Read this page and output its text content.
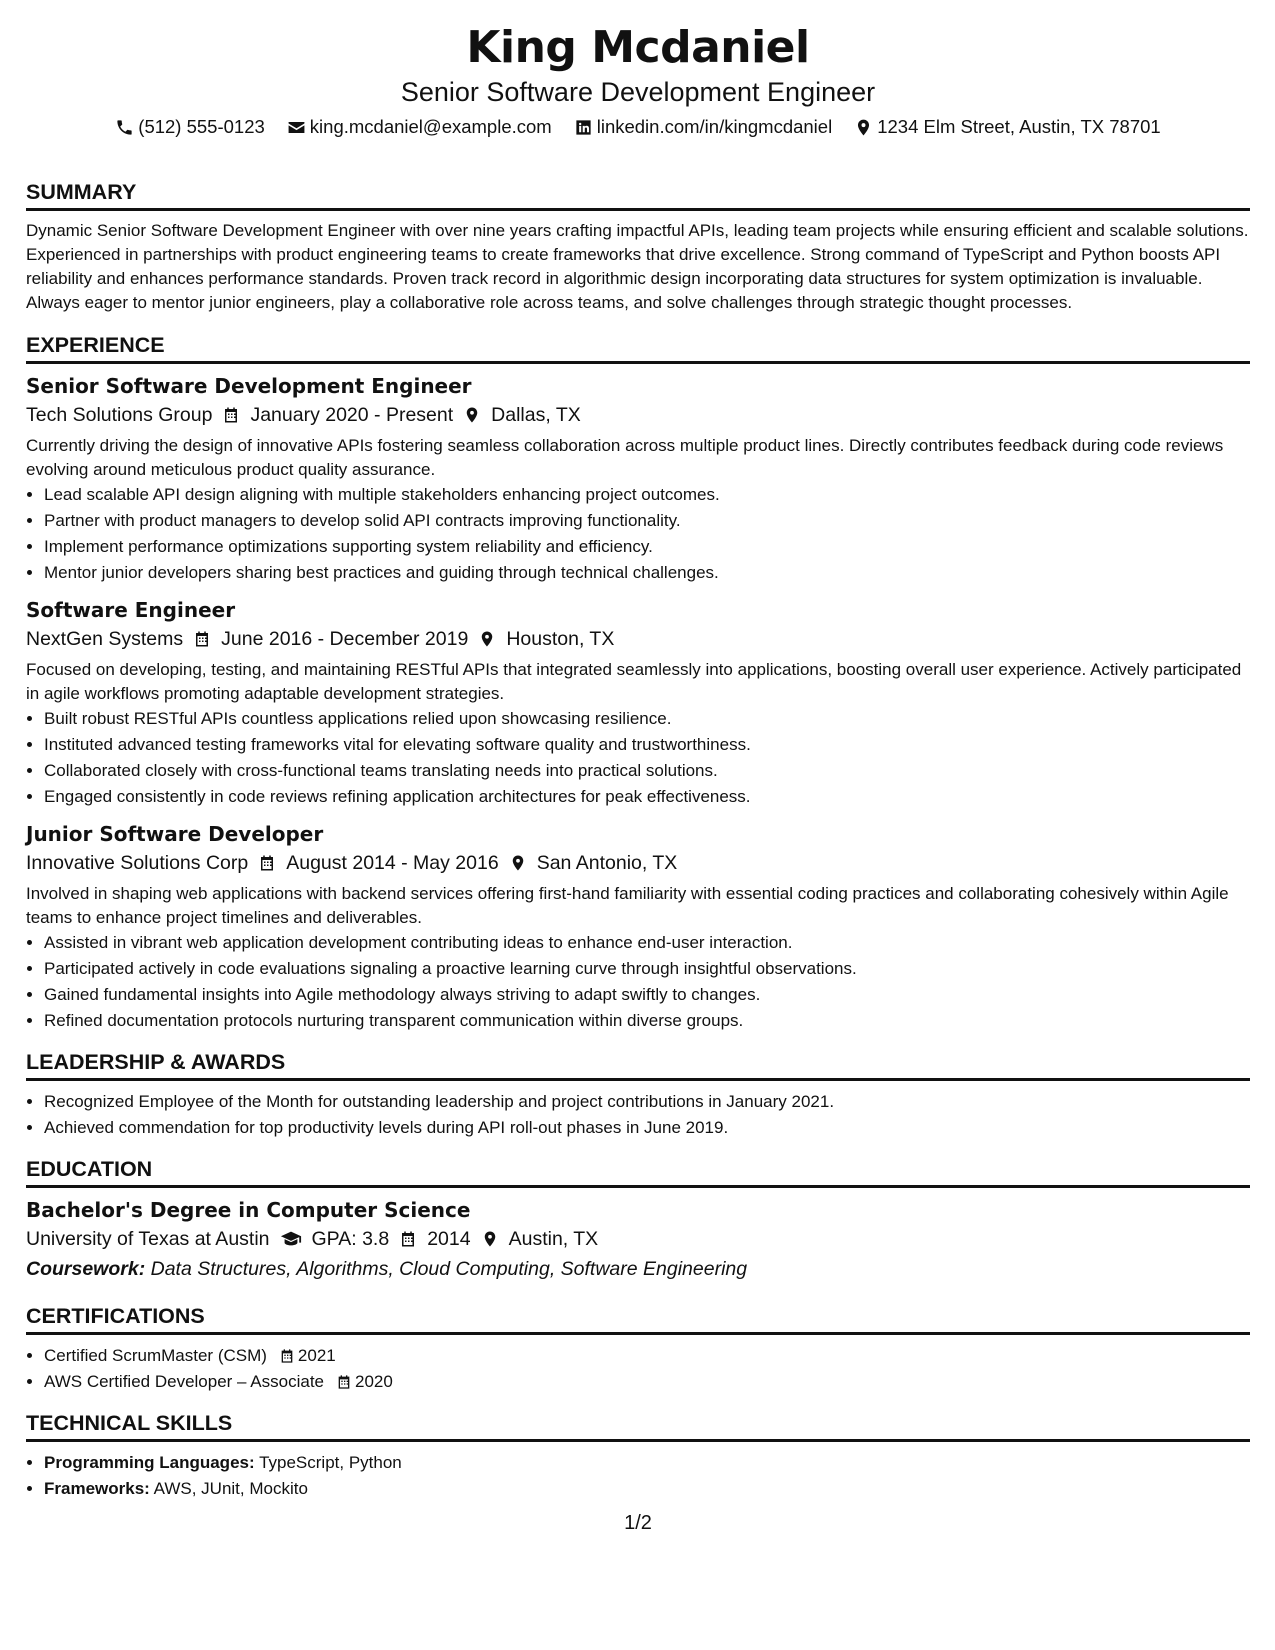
King Mcdaniel
Senior Software Development Engineer
(512) 555-0123 king.mcdaniel@example.com linkedin.com/in/kingmcdaniel 1234 Elm Street, Austin, TX 78701
SUMMARY

Dynamic Senior Software Development Engineer with over nine years crafting impactful APIs, leading team projects while ensuring efficient and scalable solutions. Experienced in partnerships with product engineering teams to create frameworks that drive excellence. Strong command of TypeScript and Python boosts API reliability and enhances performance standards. Proven track record in algorithmic design incorporating data structures for system optimization is invaluable. Always eager to mentor junior engineers, play a collaborative role across teams, and solve challenges through strategic thought processes.

EXPERIENCE
Senior Software Development Engineer
Tech Solutions Group January 2020 - Present Dallas, TX

Currently driving the design of innovative APIs fostering seamless collaboration across multiple product lines. Directly contributes feedback during code reviews evolving around meticulous product quality assurance.

• Lead scalable API design aligning with multiple stakeholders enhancing project outcomes.
• Partner with product managers to develop solid API contracts improving functionality.
• Implement performance optimizations supporting system reliability and efficiency.
• Mentor junior developers sharing best practices and guiding through technical challenges.
Software Engineer
NextGen Systems June 2016 - December 2019 Houston, TX

Focused on developing, testing, and maintaining RESTful APIs that integrated seamlessly into applications, boosting overall user experience. Actively participated in agile workflows promoting adaptable development strategies.

• Built robust RESTful APIs countless applications relied upon showcasing resilience.
• Instituted advanced testing frameworks vital for elevating software quality and trustworthiness.
• Collaborated closely with cross-functional teams translating needs into practical solutions.
• Engaged consistently in code reviews refining application architectures for peak effectiveness.
Junior Software Developer
Innovative Solutions Corp August 2014 - May 2016 San Antonio, TX

Involved in shaping web applications with backend services offering first-hand familiarity with essential coding practices and collaborating cohesively within Agile teams to enhance project timelines and deliverables.

• Assisted in vibrant web application development contributing ideas to enhance end-user interaction.
• Participated actively in code evaluations signaling a proactive learning curve through insightful observations.
• Gained fundamental insights into Agile methodology always striving to adapt swiftly to changes.
• Refined documentation protocols nurturing transparent communication within diverse groups.
LEADERSHIP & AWARDS
• Recognized Employee of the Month for outstanding leadership and project contributions in January 2021.
• Achieved commendation for top productivity levels during API roll-out phases in June 2019.
EDUCATION
Bachelor's Degree in Computer Science
University of Texas at Austin GPA: 3.8 2014 Austin, TX
Coursework: Data Structures, Algorithms, Cloud Computing, Software Engineering
CERTIFICATIONS
• Certified ScrumMaster (CSM) 2021
• AWS Certified Developer – Associate 2020
TECHNICAL SKILLS
• Programming Languages: TypeScript, Python
• Frameworks: AWS, JUnit, Mockito
1/2
